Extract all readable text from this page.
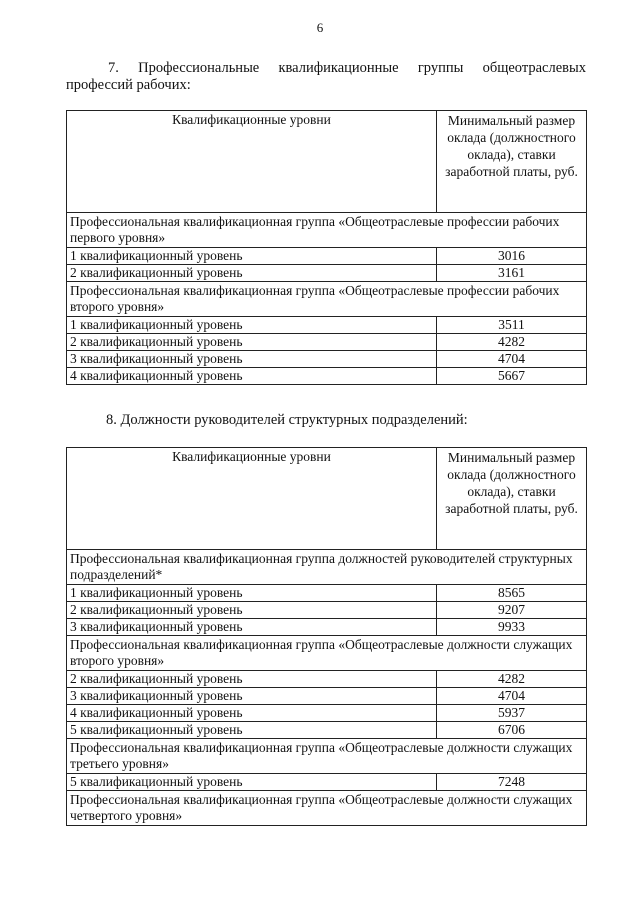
6
7. Профессиональные квалификационные группы общеотраслевых профессий рабочих:
Квалификационные уровни	Минимальный размер оклада (должностного оклада), ставки заработной платы, руб.
Профессиональная квалификационная группа «Общеотраслевые профессии рабочих первого уровня»	
1 квалификационный уровень	3016
2 квалификационный уровень	3161
Профессиональная квалификационная группа «Общеотраслевые профессии рабочих второго уровня»	
1 квалификационный уровень	3511
2 квалификационный уровень	4282
3 квалификационный уровень	4704
4 квалификационный уровень	5667
8. Должности руководителей структурных подразделений:
Квалификационные уровни	Минимальный размер оклада (должностного оклада), ставки заработной платы, руб.
Профессиональная квалификационная группа должностей руководителей структурных подразделений*	
1 квалификационный уровень	8565
2 квалификационный уровень	9207
3 квалификационный уровень	9933
Профессиональная квалификационная группа «Общеотраслевые должности служащих второго уровня»	
2 квалификационный уровень	4282
3 квалификационный уровень	4704
4 квалификационный уровень	5937
5 квалификационный уровень	6706
Профессиональная квалификационная группа «Общеотраслевые должности служащих третьего уровня»	
5 квалификационный уровень	7248
Профессиональная квалификационная группа «Общеотраслевые должности служащих четвертого уровня»	
